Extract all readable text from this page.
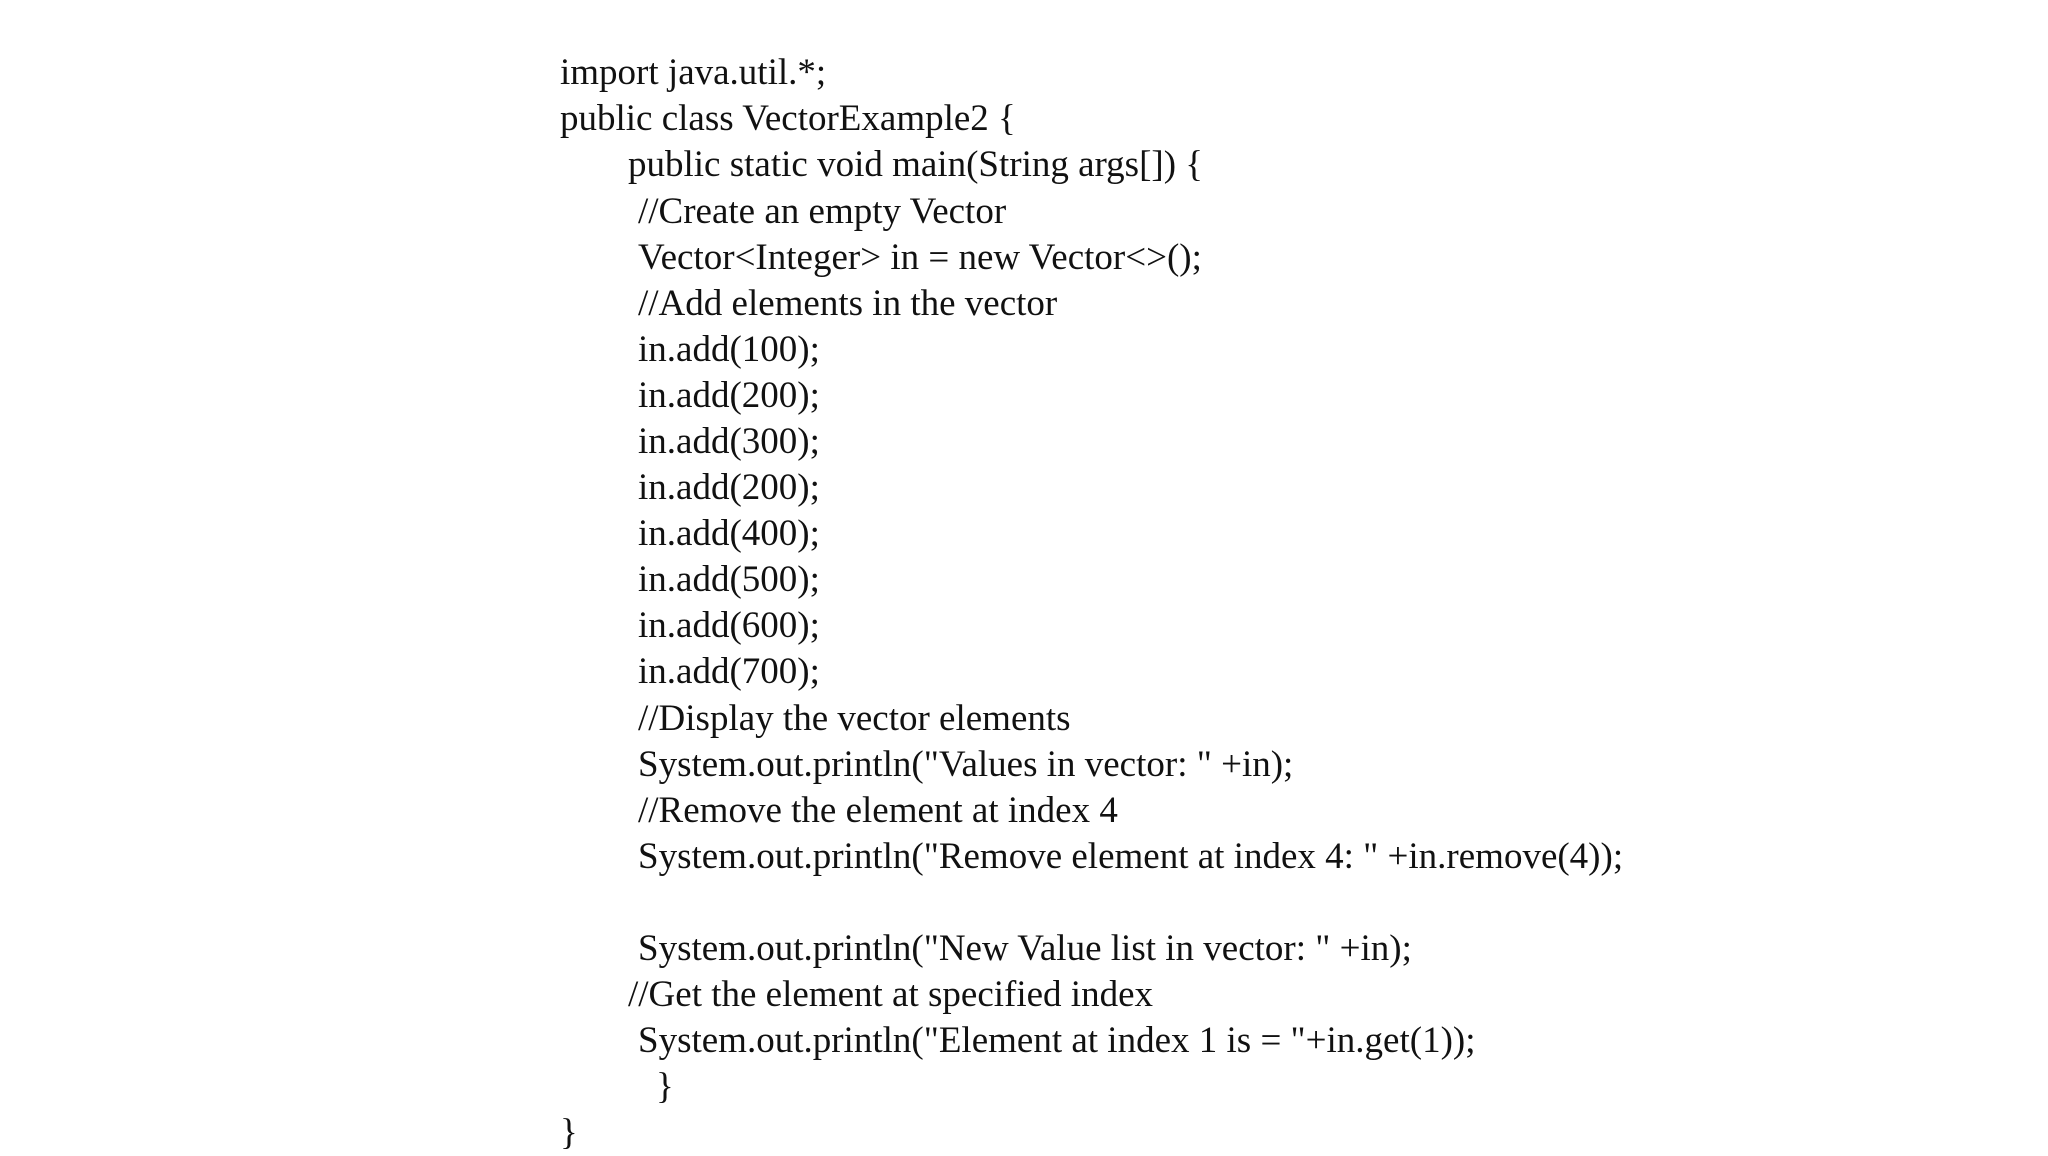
import java.util.*;
public class VectorExample2 {
public static void main(String args[]) {
//Create an empty Vector
Vector<Integer> in = new Vector<>();
//Add elements in the vector
in.add(100);
in.add(200);
in.add(300);
in.add(200);
in.add(400);
in.add(500);
in.add(600);
in.add(700);
//Display the vector elements
System.out.println("Values in vector: " +in);
//Remove the element at index 4
System.out.println("Remove element at index 4: " +in.remove(4));
System.out.println("New Value list in vector: " +in);
//Get the element at specified index
System.out.println("Element at index 1 is = "+in.get(1));
}
}
